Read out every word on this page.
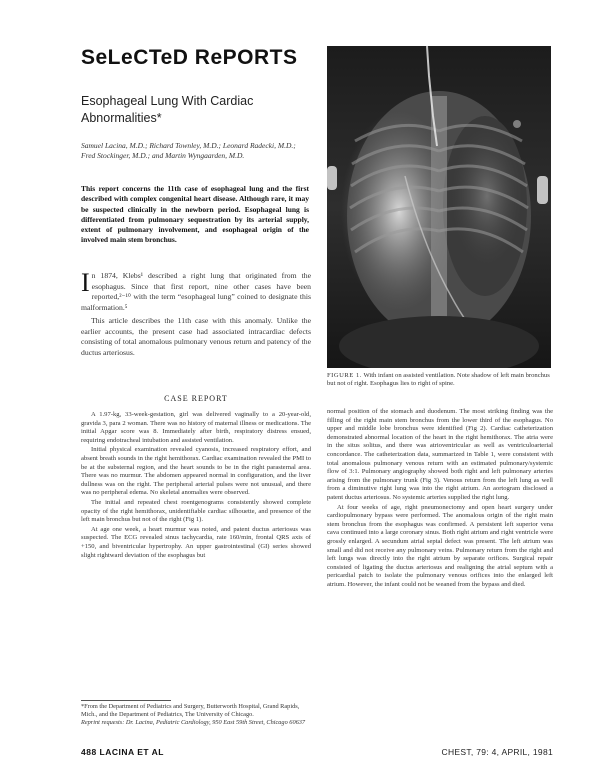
SeLeCTeD RePORTS
Esophageal Lung With Cardiac Abnormalities*
Samuel Lacina, M.D.; Richard Townley, M.D.; Leonard Radecki, M.D.; Fred Stockinger, M.D.; and Martin Wyngaarden, M.D.
This report concerns the 11th case of esophageal lung and the first described with complex congenital heart disease. Although rare, it may be suspected clinically in the newborn period. Esophageal lung is differentiated from pulmonary sequestration by its arterial supply, extent of pulmonary involvement, and esophageal origin of the involved main stem bronchus.

In 1874, Klebs¹ described a right lung that originated from the esophagus. Since that first report, nine other cases have been reported,²⁻¹⁰ with the term “esophageal lung” coined to designate this malformation.⁵

This article describes the 11th case with this anomaly. Unlike the earlier accounts, the present case had associated intracardiac defects consisting of total anomalous pulmonary venous return and patency of the ductus arteriosus.

CASE REPORT

A 1.97-kg, 33-week-gestation, girl was delivered vaginally to a 20-year-old, gravida 3, para 2 woman. There was no history of maternal illness or medications. The initial Apgar score was 8. Immediately after birth, respiratory distress ensued, requiring endotracheal intubation and assisted ventilation.

Initial physical examination revealed cyanosis, increased respiratory effort, and absent breath sounds in the right hemithorax. Cardiac examination revealed the PMI to be at the substernal region, and the heart sounds to be in the right parasternal area. There was no murmur. The abdomen appeared normal in configuration, and the liver dullness was on the right. The peripheral arterial pulses were not unusual, and there was no peripheral edema. No skeletal anomalies were observed.

The initial and repeated chest roentgenograms consistently showed complete opacity of the right hemithorax, unidentifiable cardiac silhouette, and presence of the left main bronchus but not of the right (Fig 1).

At age one week, a heart murmur was noted, and patent ductus arteriosus was suspected. The ECG revealed sinus tachycardia, rate 160/min, frontal QRS axis of +150, and biventricular hypertrophy. An upper gastrointestinal (GI) series showed slight rightward deviation of the esophagus but

*From the Department of Pediatrics and Surgery, Butterworth Hospital, Grand Rapids, Mich., and the Department of Pediatrics, The University of Chicago.
Reprint requests: Dr. Lacina, Pediatric Cardiology, 950 East 59th Street, Chicago 60637
FIGURE 1. With infant on assisted ventilation. Note shadow of left main bronchus but not of right. Esophagus lies to right of spine.

normal position of the stomach and duodenum. The most striking finding was the filling of the right main stem bronchus from the lower third of the esophagus. No upper and middle lobe bronchus were identified (Fig 2). Cardiac catheterization demonstrated abnormal location of the heart in the right hemithorax. The atria were in the situs solitus, and there was atrioventricular as well as ventriculoarterial concordance. The catheterization data, summarized in Table 1, were consistent with total anomalous pulmonary venous return with an estimated pulmonary/systemic flow of 3:1. Pulmonary angiography showed both right and left pulmonary arteries arising from the pulmonary trunk (Fig 3). Venous return from the left lung as well from a diminutive right lung was into the right atrium. An aortogram disclosed a patent ductus arteriosus. No systemic arteries supplied the right lung.

At four weeks of age, right pneumonectomy and open heart surgery under cardiopulmonary bypass were performed. The anomalous origin of the right main stem bronchus from the esophagus was confirmed. A persistent left superior vena cava continued into a large coronary sinus. Both right atrium and right ventricle were grossly enlarged. A secundum atrial septal defect was present. The left atrium was small and did not receive any pulmonary veins. Pulmonary return from the right and left lungs was directly into the right atrium by separate orifices. Surgical repair consisted of ligating the ductus arteriosus and realigning the atrial septum with a pericardial patch to isolate the pulmonary venous orifices into the enlarged left atrium. However, the infant could not be weaned from the bypass and died.

488 LACINA ET AL	CHEST, 79: 4, APRIL, 1981
